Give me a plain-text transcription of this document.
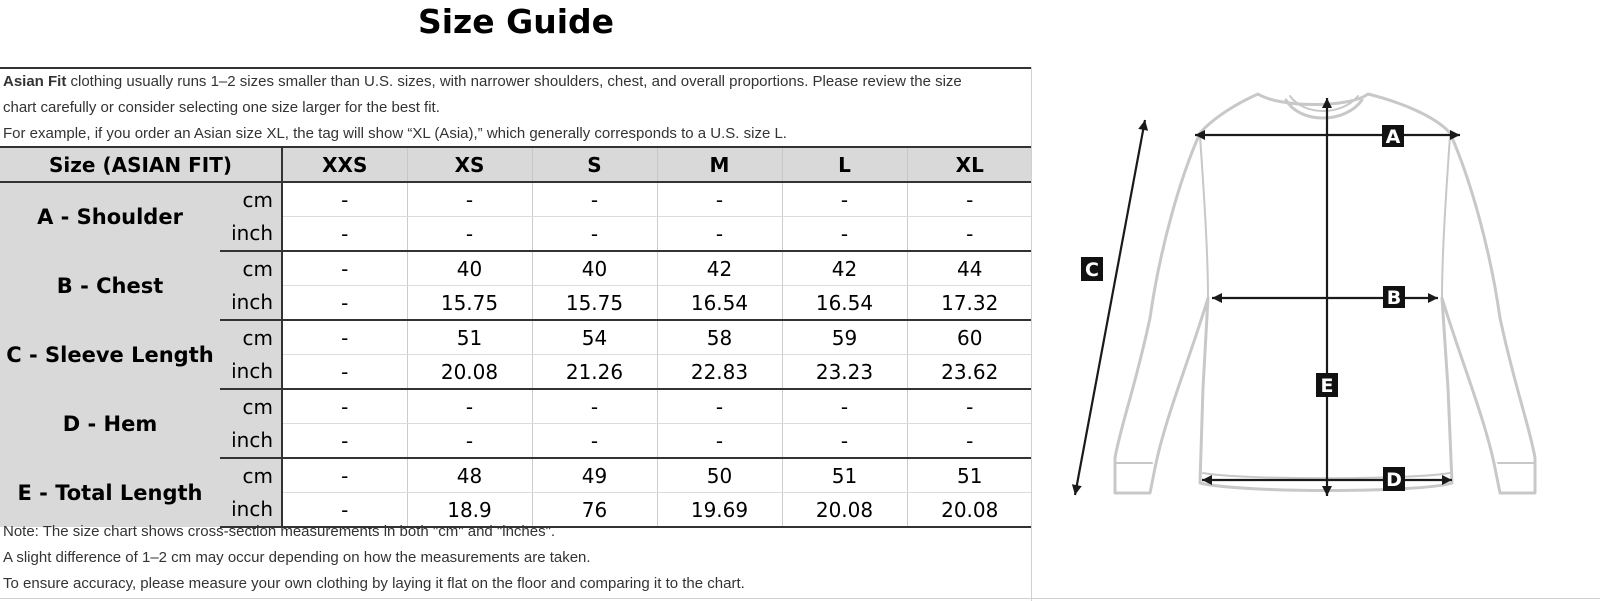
Size Guide
Asian Fit clothing usually runs 1–2 sizes smaller than U.S. sizes, with narrower shoulders, chest, and overall proportions. Please review the size
chart carefully or consider selecting one size larger for the best fit.
For example, if you order an Asian size XL, the tag will show “XL (Asia),” which generally corresponds to a U.S. size L.
Size (ASIAN FIT)		XXS	XS	S	M	L	XL
A - Shoulder	cm	-	-	-	-	-	-
	inch	-	-	-	-	-	-
B - Chest	cm	-	40	40	42	42	44
	inch	-	15.75	15.75	16.54	16.54	17.32
C - Sleeve Length	cm	-	51	54	58	59	60
	inch	-	20.08	21.26	22.83	23.23	23.62
D - Hem	cm	-	-	-	-	-	-
	inch	-	-	-	-	-	-
E - Total Length	cm	-	48	49	50	51	51
	inch	-	18.9	76	19.69	20.08	20.08
Note: The size chart shows cross-section measurements in both "cm" and "inches".
A slight difference of 1–2 cm may occur depending on how the measurements are taken.
To ensure accuracy, please measure your own clothing by laying it flat on the floor and comparing it to the chart.
A
B
C
D
E
